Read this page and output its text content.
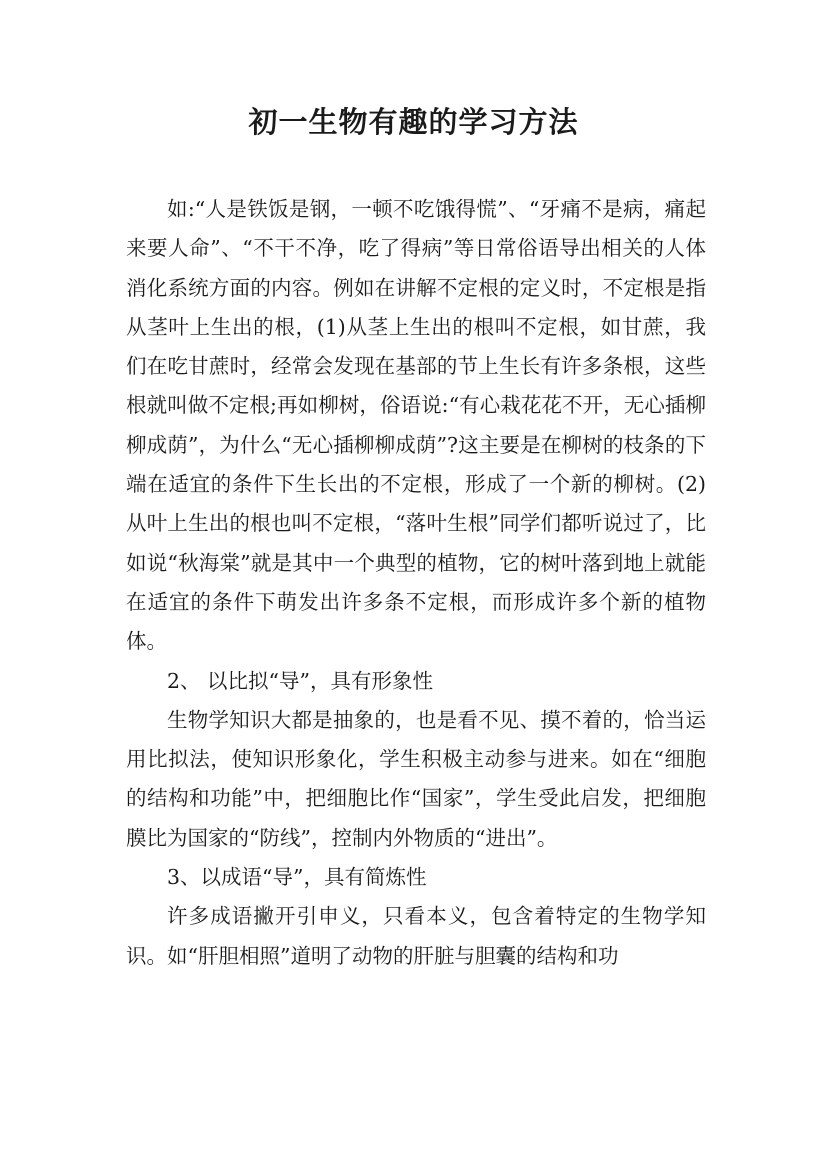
初一生物有趣的学习方法

如:“人是铁饭是钢，一顿不吃饿得慌”、“牙痛不是病，痛起来要人命”、“不干不净，吃了得病”等日常俗语导出相关的人体消化系统方面的内容。例如在讲解不定根的定义时，不定根是指从茎叶上生出的根，(1)从茎上生出的根叫不定根，如甘蔗，我们在吃甘蔗时，经常会发现在基部的节上生长有许多条根，这些根就叫做不定根;再如柳树，俗语说:“有心栽花花不开，无心插柳柳成荫”，为什么“无心插柳柳成荫”?这主要是在柳树的枝条的下端在适宜的条件下生长出的不定根，形成了一个新的柳树。(2)从叶上生出的根也叫不定根，“落叶生根”同学们都听说过了，比如说“秋海棠”就是其中一个典型的植物，它的树叶落到地上就能在适宜的条件下萌发出许多条不定根，而形成许多个新的植物体。

2、 以比拟“导”，具有形象性

生物学知识大都是抽象的，也是看不见、摸不着的，恰当运用比拟法，使知识形象化，学生积极主动参与进来。如在“细胞的结构和功能”中，把细胞比作“国家”，学生受此启发，把细胞膜比为国家的“防线”，控制内外物质的“进出”。

3、以成语“导”，具有简炼性

许多成语撇开引申义，只看本义，包含着特定的生物学知识。如“肝胆相照”道明了动物的肝脏与胆囊的结构和功
